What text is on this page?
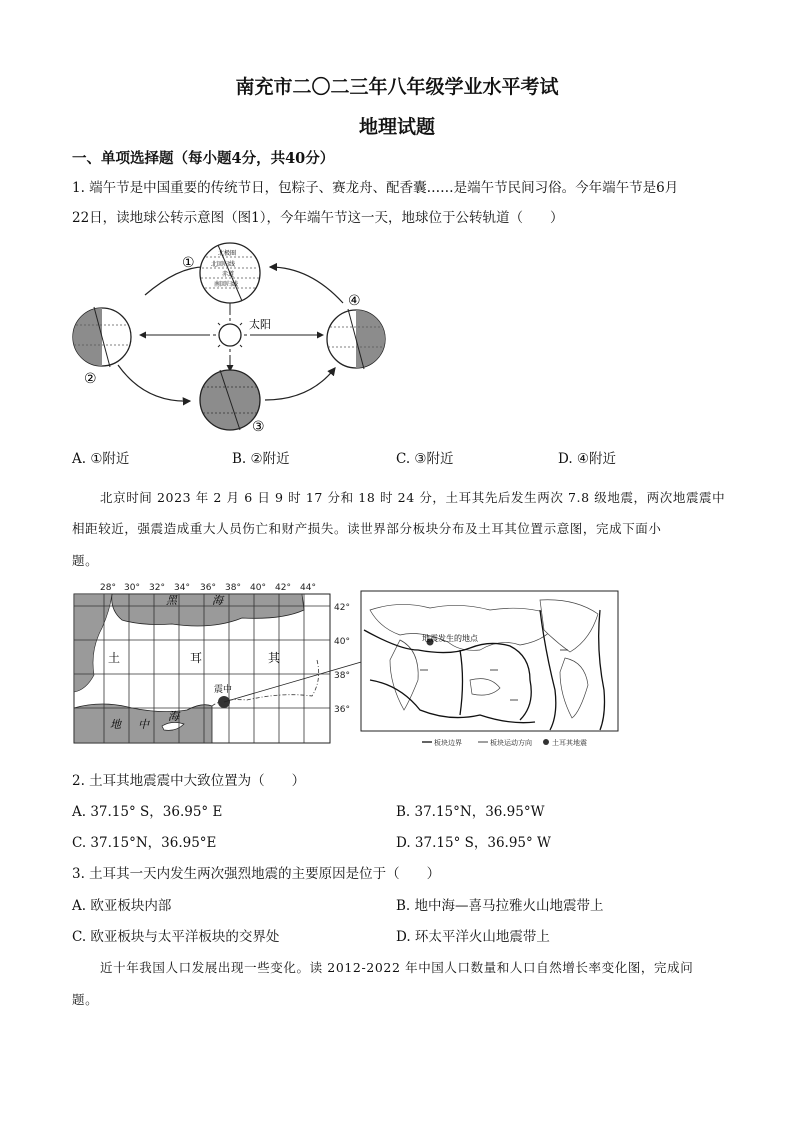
南充市二〇二三年八年级学业水平考试
地理试题
一、单项选择题（每小题4分，共40分）
1. 端午节是中国重要的传统节日，包粽子、赛龙舟、配香囊……是端午节民间习俗。今年端午节是6月
22日，读地球公转示意图（图1），今年端午节这一天，地球位于公转轨道（　　）
太阳
北极圈
北回归线
赤道
南回归线
①
②
③
④
A. ①附近	B. ②附近	C. ③附近	D. ④附近
北京时间 2023 年 2 月 6 日 9 时 17 分和 18 时 24 分，土耳其先后发生两次 7.8 级地震，两次地震震中
相距较近，强震造成重大人员伤亡和财产损失。读世界部分板块分布及土耳其位置示意图，完成下面小
题。
28° 30° 32° 34° 36° 38° 40° 42° 44°
黑	海
地 中
海
土	耳	其
42°
40°
38°
36°
震中
地震发生的地点
板块边界	板块运动方向	土耳其地震
2. 土耳其地震震中大致位置为（　　）
A. 37.15° S，36.95° E	B. 37.15°N，36.95°W
C. 37.15°N，36.95°E	D. 37.15° S，36.95° W
3. 土耳其一天内发生两次强烈地震的主要原因是位于（　　）
A. 欧亚板块内部	B. 地中海—喜马拉雅火山地震带上
C. 欧亚板块与太平洋板块的交界处	D. 环太平洋火山地震带上
近十年我国人口发展出现一些变化。读 2012-2022 年中国人口数量和人口自然增长率变化图，完成问
题。
